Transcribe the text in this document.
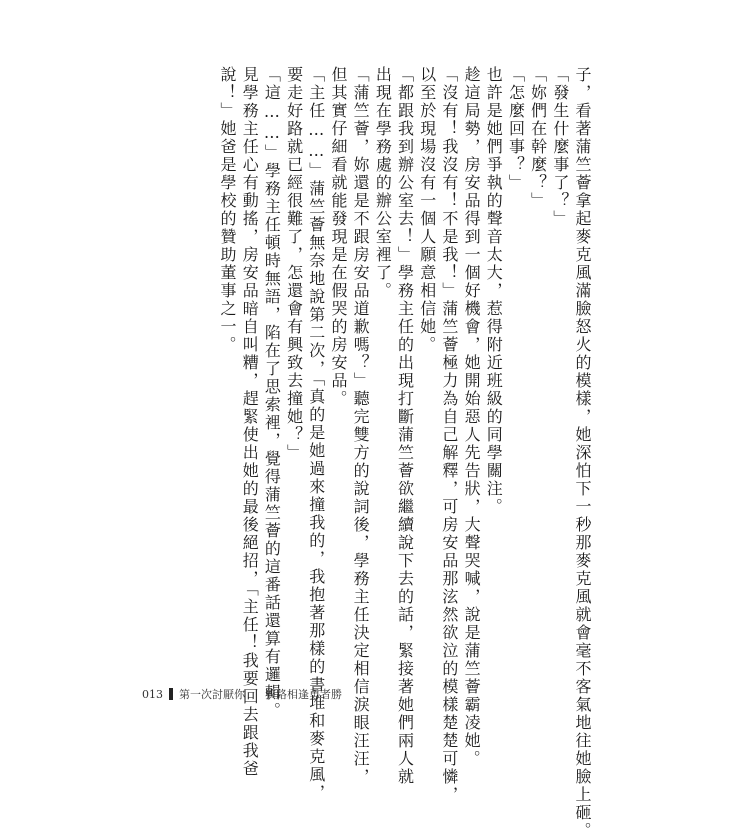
子，看著蒲竺薈拿起麥克風滿臉怒火的模樣，她深怕下一秒那麥克風就會毫不客氣地往她臉上砸。
「發生什麼事了？」
「妳們在幹麼？」
「怎麼回事？」
也許是她們爭執的聲音太大，惹得附近班級的同學關注。
趁這局勢，房安品得到一個好機會，她開始惡人先告狀，大聲哭喊，說是蒲竺薈霸凌她。
「沒有！我沒有！不是我！」蒲竺薈極力為自己解釋，可房安品那泫然欲泣的模樣楚楚可憐，
以至於現場沒有一個人願意相信她。
「都跟我到辦公室去！」學務主任的出現打斷蒲竺薈欲繼續說下去的話，緊接著她們兩人就
出現在學務處的辦公室裡了。
「蒲竺薈，妳還是不跟房安品道歉嗎？」聽完雙方的說詞後，學務主任決定相信淚眼汪汪，
但其實仔細看就能發現是在假哭的房安品。
「主任……」蒲竺薈無奈地說第二次，「真的是她過來撞我的，我抱著那樣的書堆和麥克風，
要走好路就已經很難了，怎還會有興致去撞她？」
「這……」學務主任頓時無語，陷在了思索裡，覺得蒲竺薈的這番話還算有邏輯。
見學務主任心有動搖，房安品暗自叫糟，趕緊使出她的最後絕招，「主任！我要回去跟我爸
說！」她爸是學校的贊助董事之一。
013 第一次討厭你 狹路相逢勇者勝
